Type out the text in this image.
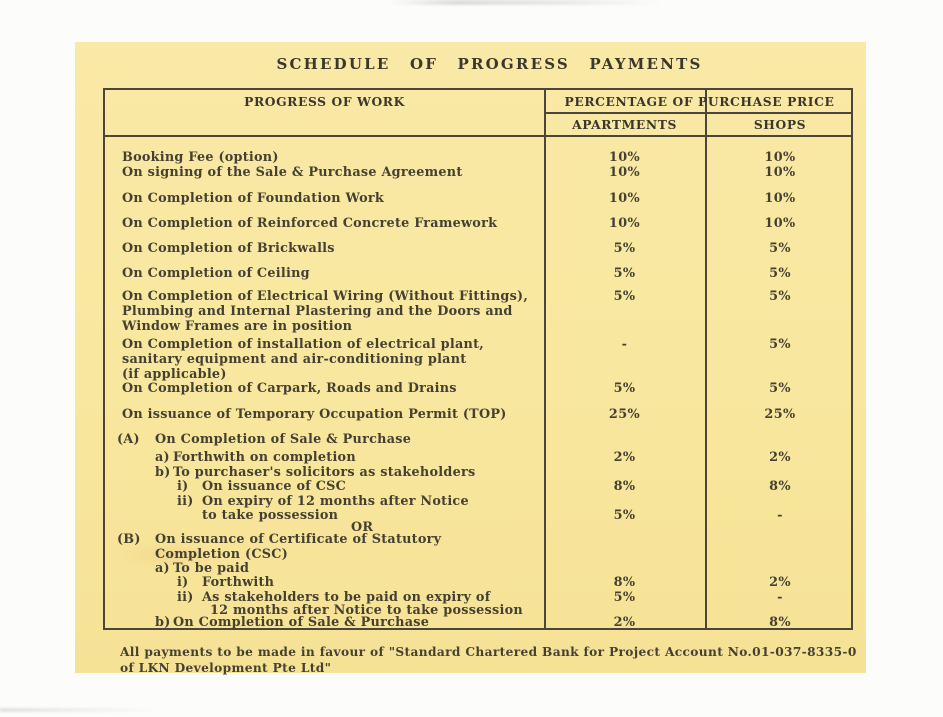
SCHEDULE OF PROGRESS PAYMENTS
PROGRESS OF WORK	PERCENTAGE OF PURCHASE PRICE
APARTMENTS	SHOPS
Booking Fee (option)	10%	10%
On signing of the Sale & Purchase Agreement	10%	10%
On Completion of Foundation Work	10%	10%
On Completion of Reinforced Concrete Framework	10%	10%
On Completion of Brickwalls	5%	5%
On Completion of Ceiling	5%	5%
On Completion of Electrical Wiring (Without Fittings),	5%	5%
Plumbing and Internal Plastering and the Doors and
Window Frames are in position
On Completion of installation of electrical plant,	-	5%
sanitary equipment and air-conditioning plant
(if applicable)
On Completion of Carpark, Roads and Drains	5%	5%
On issuance of Temporary Occupation Permit (TOP)	25%	25%
(A) On Completion of Sale & Purchase
a) Forthwith on completion	2%	2%
b) To purchaser's solicitors as stakeholders
i) On issuance of CSC	8%	8%
ii) On expiry of 12 months after Notice
to take possession	5%	-
OR
(B) On issuance of Certificate of Statutory
Completion (CSC)
a) To be paid
i) Forthwith	8%	2%
ii) As stakeholders to be paid on expiry of	5%	-
12 months after Notice to take possession
b) On Completion of Sale & Purchase	2%	8%
All payments to be made in favour of "Standard Chartered Bank for Project Account No.01-037-8335-0
of LKN Development Pte Ltd"
